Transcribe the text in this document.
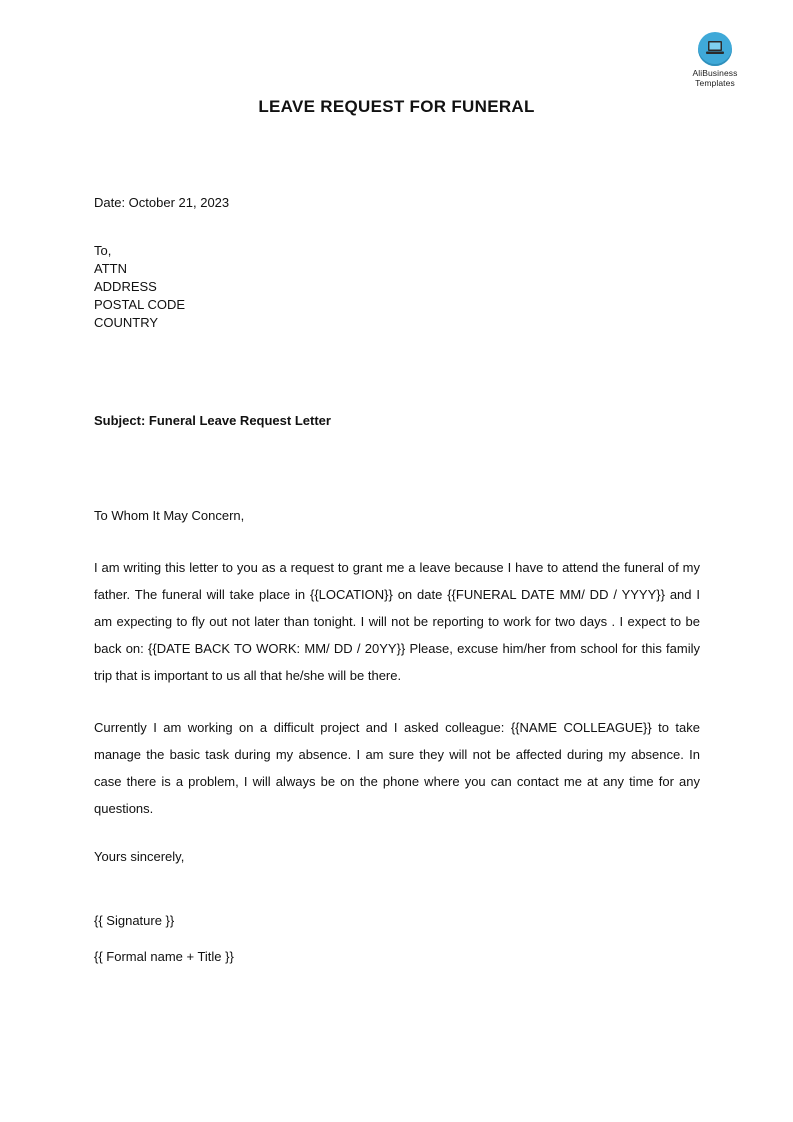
AliBusiness
Templates
LEAVE REQUEST FOR FUNERAL
Date: October 21, 2023
To,
ATTN
ADDRESS
POSTAL CODE
COUNTRY
Subject: Funeral Leave Request Letter
To Whom It May Concern,
I am writing this letter to you as a request to grant me a leave because I have to attend the funeral of my father. The funeral will take place in {{LOCATION}} on date {{FUNERAL DATE MM/ DD / YYYY}} and I am expecting to fly out not later than tonight. I will not be reporting to work for two days . I expect to be back on: {{DATE BACK TO WORK: MM/ DD / 20YY}} Please, excuse him/her from school for this family trip that is important to us all that he/she will be there.
Currently I am working on a difficult project and I asked colleague: {{NAME COLLEAGUE}} to take manage the basic task during my absence. I am sure they will not be affected during my absence. In case there is a problem, I will always be on the phone where you can contact me at any time for any questions.
Yours sincerely,
{{ Signature }}
{{ Formal name + Title }}
